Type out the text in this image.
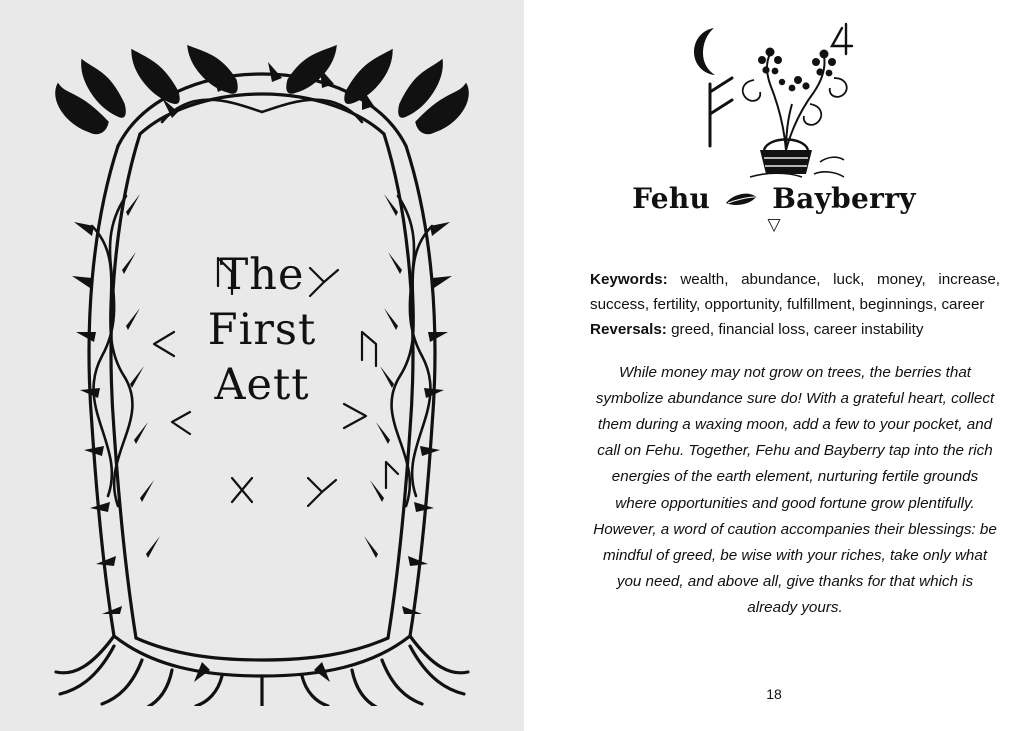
The
First
Aett
Fehu Bayberry
▽

Keywords: wealth, abundance, luck, money, increase, success, fertility, opportunity, fulfillment, beginnings, career

Reversals: greed, financial loss, career instability

While money may not grow on trees, the berries that symbolize abundance sure do! With a grateful heart, collect them during a waxing moon, add a few to your pocket, and call on Fehu. Together, Fehu and Bayberry tap into the rich energies of the earth element, nurturing fertile grounds where opportunities and good fortune grow plentifully. However, a word of caution accompanies their blessings: be mindful of greed, be wise with your riches, take only what you need, and above all, give thanks for that which is already yours.
18
